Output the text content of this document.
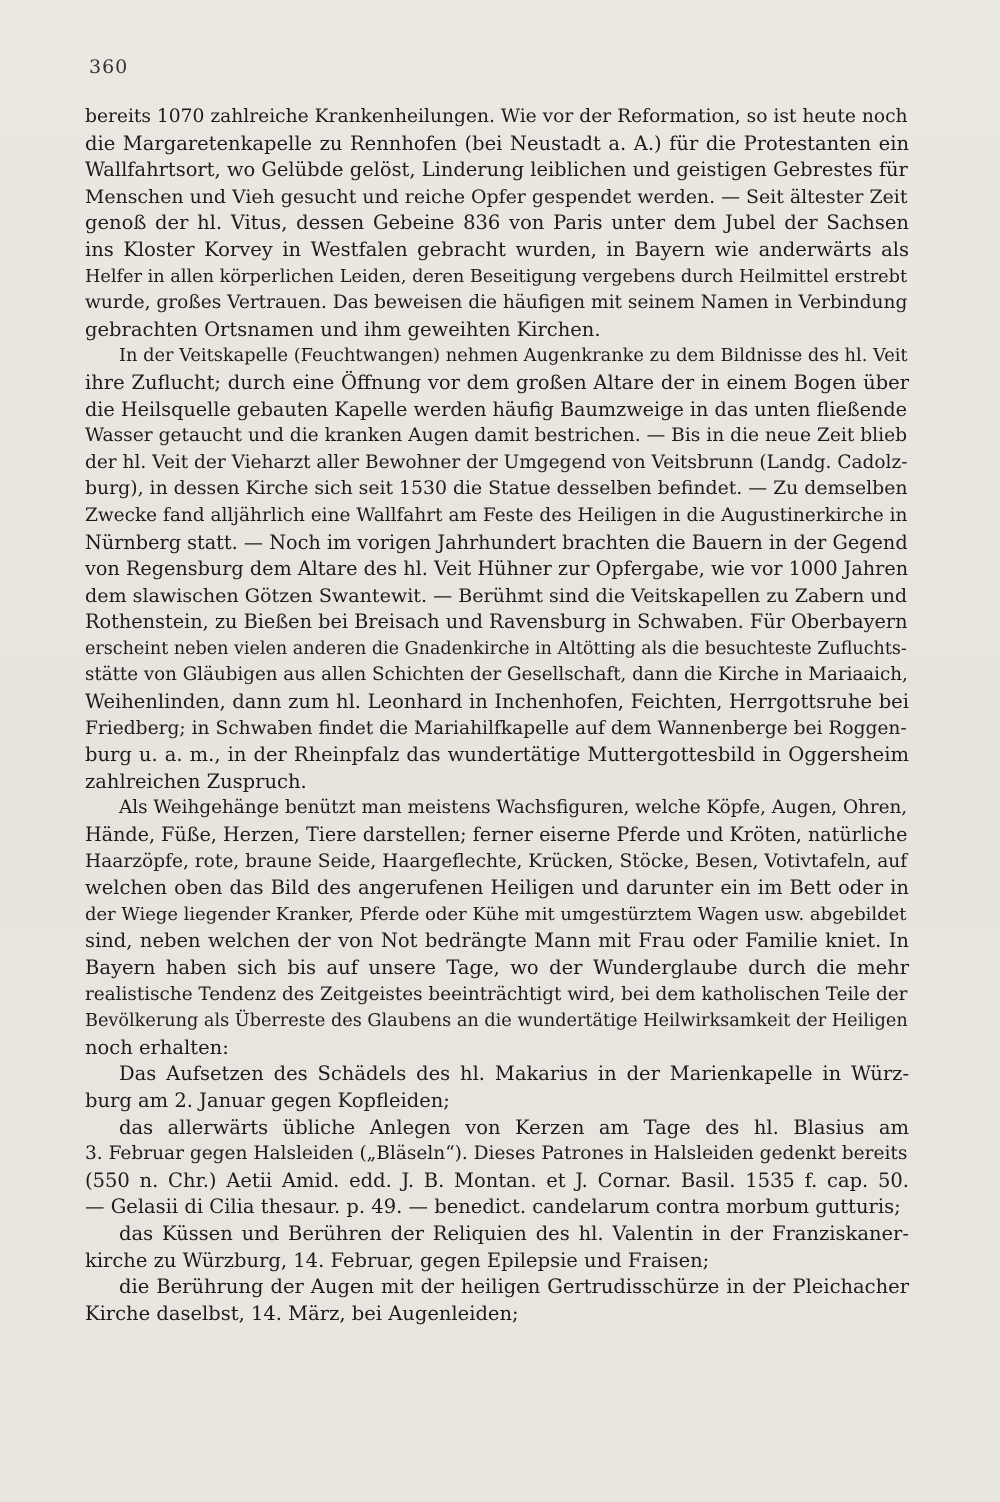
360
bereits 1070 zahlreiche Krankenheilungen. Wie vor der Reformation, so ist heute noch
die Margaretenkapelle zu Rennhofen (bei Neustadt a. A.) für die Protestanten ein
Wallfahrtsort, wo Gelübde gelöst, Linderung leiblichen und geistigen Gebrestes für
Menschen und Vieh gesucht und reiche Opfer gespendet werden. — Seit ältester Zeit
genoß der hl. Vitus, dessen Gebeine 836 von Paris unter dem Jubel der Sachsen
ins Kloster Korvey in Westfalen gebracht wurden, in Bayern wie anderwärts als
Helfer in allen körperlichen Leiden, deren Beseitigung vergebens durch Heilmittel erstrebt
wurde, großes Vertrauen. Das beweisen die häufigen mit seinem Namen in Verbindung
gebrachten Ortsnamen und ihm geweihten Kirchen.
In der Veitskapelle (Feuchtwangen) nehmen Augenkranke zu dem Bildnisse des hl. Veit
ihre Zuflucht; durch eine Öffnung vor dem großen Altare der in einem Bogen über
die Heilsquelle gebauten Kapelle werden häufig Baumzweige in das unten fließende
Wasser getaucht und die kranken Augen damit bestrichen. — Bis in die neue Zeit blieb
der hl. Veit der Vieharzt aller Bewohner der Umgegend von Veitsbrunn (Landg. Cadolz-
burg), in dessen Kirche sich seit 1530 die Statue desselben befindet. — Zu demselben
Zwecke fand alljährlich eine Wallfahrt am Feste des Heiligen in die Augustinerkirche in
Nürnberg statt. — Noch im vorigen Jahrhundert brachten die Bauern in der Gegend
von Regensburg dem Altare des hl. Veit Hühner zur Opfergabe, wie vor 1000 Jahren
dem slawischen Götzen Swantewit. — Berühmt sind die Veitskapellen zu Zabern und
Rothenstein, zu Bießen bei Breisach und Ravensburg in Schwaben. Für Oberbayern
erscheint neben vielen anderen die Gnadenkirche in Altötting als die besuchteste Zufluchts-
stätte von Gläubigen aus allen Schichten der Gesellschaft, dann die Kirche in Mariaaich,
Weihenlinden, dann zum hl. Leonhard in Inchenhofen, Feichten, Herrgottsruhe bei
Friedberg; in Schwaben findet die Mariahilfkapelle auf dem Wannenberge bei Roggen-
burg u. a. m., in der Rheinpfalz das wundertätige Muttergottesbild in Oggersheim
zahlreichen Zuspruch.
Als Weihgehänge benützt man meistens Wachsfiguren, welche Köpfe, Augen, Ohren,
Hände, Füße, Herzen, Tiere darstellen; ferner eiserne Pferde und Kröten, natürliche
Haarzöpfe, rote, braune Seide, Haargeflechte, Krücken, Stöcke, Besen, Votivtafeln, auf
welchen oben das Bild des angerufenen Heiligen und darunter ein im Bett oder in
der Wiege liegender Kranker, Pferde oder Kühe mit umgestürztem Wagen usw. abgebildet
sind, neben welchen der von Not bedrängte Mann mit Frau oder Familie kniet. In
Bayern haben sich bis auf unsere Tage, wo der Wunderglaube durch die mehr
realistische Tendenz des Zeitgeistes beeinträchtigt wird, bei dem katholischen Teile der
Bevölkerung als Überreste des Glaubens an die wundertätige Heilwirksamkeit der Heiligen
noch erhalten:
Das Aufsetzen des Schädels des hl. Makarius in der Marienkapelle in Würz-
burg am 2. Januar gegen Kopfleiden;
das allerwärts übliche Anlegen von Kerzen am Tage des hl. Blasius am
3. Februar gegen Halsleiden („Bläseln“). Dieses Patrones in Halsleiden gedenkt bereits
(550 n. Chr.) Aetii Amid. edd. J. B. Montan. et J. Cornar. Basil. 1535 f. cap. 50.
— Gelasii di Cilia thesaur. p. 49. — benedict. candelarum contra morbum gutturis;
das Küssen und Berühren der Reliquien des hl. Valentin in der Franziskaner-
kirche zu Würzburg, 14. Februar, gegen Epilepsie und Fraisen;
die Berührung der Augen mit der heiligen Gertrudisschürze in der Pleichacher
Kirche daselbst, 14. März, bei Augenleiden;
